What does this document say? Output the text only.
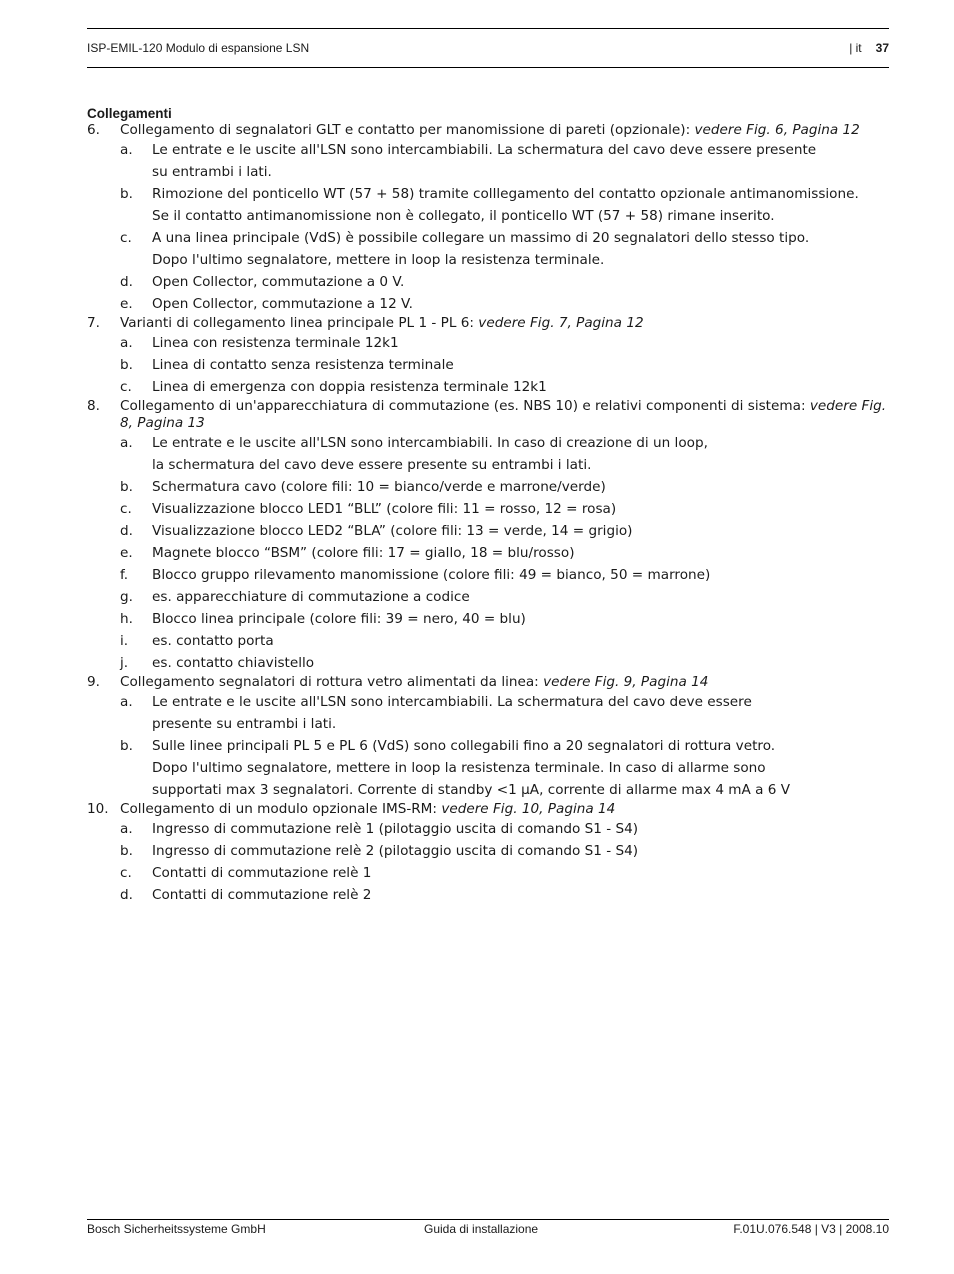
ISP-EMIL-120 Modulo di espansione LSN	| it 37
Collegamenti
6. Collegamento di segnalatori GLT e contatto per manomissione di pareti (opzionale): vedere Fig. 6, Pagina 12
a. Le entrate e le uscite all'LSN sono intercambiabili. La schermatura del cavo deve essere presente
su entrambi i lati.
b. Rimozione del ponticello WT (57 + 58) tramite colllegamento del contatto opzionale antimanomissione.
Se il contatto antimanomissione non è collegato, il ponticello WT (57 + 58) rimane inserito.
c. A una linea principale (VdS) è possibile collegare un massimo di 20 segnalatori dello stesso tipo.
Dopo l'ultimo segnalatore, mettere in loop la resistenza terminale.
d. Open Collector, commutazione a 0 V.
e. Open Collector, commutazione a 12 V.
7. Varianti di collegamento linea principale PL 1 - PL 6: vedere Fig. 7, Pagina 12
a. Linea con resistenza terminale 12k1
b. Linea di contatto senza resistenza terminale
c. Linea di emergenza con doppia resistenza terminale 12k1
8. Collegamento di un'apparecchiatura di commutazione (es. NBS 10) e relativi componenti di sistema: vedere Fig. 8, Pagina 13
a. Le entrate e le uscite all'LSN sono intercambiabili. In caso di creazione di un loop,
la schermatura del cavo deve essere presente su entrambi i lati.
b. Schermatura cavo (colore fili: 10 = bianco/verde e marrone/verde)
c. Visualizzazione blocco LED1 “BLL” (colore fili: 11 = rosso, 12 = rosa)
d. Visualizzazione blocco LED2 “BLA” (colore fili: 13 = verde, 14 = grigio)
e. Magnete blocco “BSM” (colore fili: 17 = giallo, 18 = blu/rosso)
f. Blocco gruppo rilevamento manomissione (colore fili: 49 = bianco, 50 = marrone)
g. es. apparecchiature di commutazione a codice
h. Blocco linea principale (colore fili: 39 = nero, 40 = blu)
i. es. contatto porta
j. es. contatto chiavistello
9. Collegamento segnalatori di rottura vetro alimentati da linea: vedere Fig. 9, Pagina 14
a. Le entrate e le uscite all'LSN sono intercambiabili. La schermatura del cavo deve essere
presente su entrambi i lati.
b. Sulle linee principali PL 5 e PL 6 (VdS) sono collegabili fino a 20 segnalatori di rottura vetro.
Dopo l'ultimo segnalatore, mettere in loop la resistenza terminale. In caso di allarme sono
supportati max 3 segnalatori. Corrente di standby <1 µA, corrente di allarme max 4 mA a 6 V
10. Collegamento di un modulo opzionale IMS-RM: vedere Fig. 10, Pagina 14
a. Ingresso di commutazione relè 1 (pilotaggio uscita di comando S1 - S4)
b. Ingresso di commutazione relè 2 (pilotaggio uscita di comando S1 - S4)
c. Contatti di commutazione relè 1
d. Contatti di commutazione relè 2
Bosch Sicherheitssysteme GmbH	Guida di installazione	F.01U.076.548 | V3 | 2008.10
